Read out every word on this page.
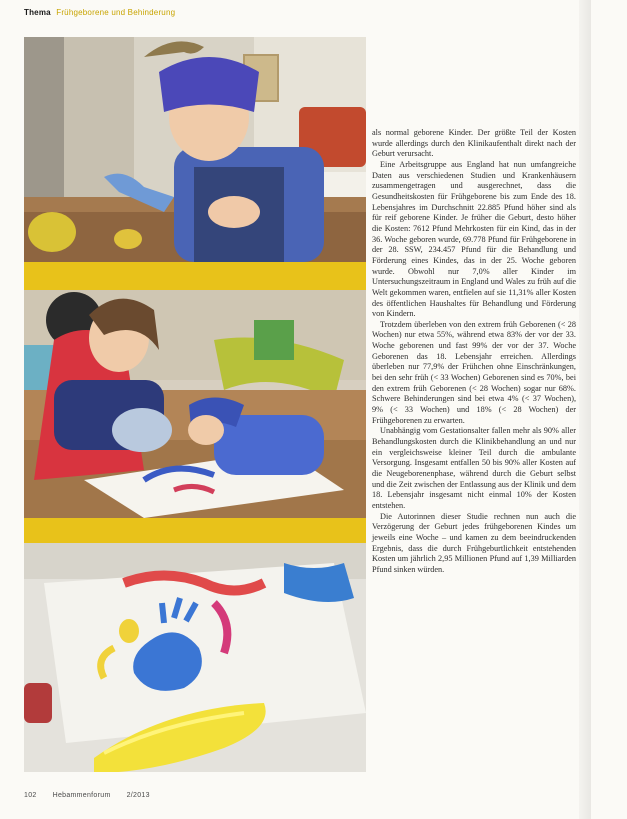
Thema Frühgeborene und Behinderung

als normal geborene Kinder. Der größte Teil der Kosten wurde allerdings durch den Klinikaufenthalt direkt nach der Geburt verursacht.

Eine Arbeitsgruppe aus England hat nun umfangreiche Daten aus verschiedenen Studien und Krankenhäusern zusammengetragen und ausgerechnet, dass die Gesundheitskosten für Frühgeborene bis zum Ende des 18. Lebensjahres im Durchschnitt 22.885 Pfund höher sind als für reif geborene Kinder. Je früher die Geburt, desto höher die Kosten: 7612 Pfund Mehrkosten für ein Kind, das in der 36. Woche geboren wurde, 69.778 Pfund für Frühgeborene in der 28. SSW, 234.457 Pfund für die Behandlung und Förderung eines Kindes, das in der 25. Woche geboren wurde. Obwohl nur 7,0% aller Kinder im Untersuchungszeitraum in England und Wales zu früh auf die Welt gekommen waren, entfielen auf sie 11,31% aller Kosten des öffentlichen Haushaltes für Behandlung und Förderung von Kindern.

Trotzdem überleben von den extrem früh Geborenen (< 28 Wochen) nur etwa 55%, während etwa 83% der vor der 33. Woche geborenen und fast 99% der vor der 37. Woche Geborenen das 18. Lebensjahr erreichen. Allerdings überleben nur 77,9% der Frühchen ohne Einschränkungen, bei den sehr früh (< 33 Wochen) Geborenen sind es 70%, bei den extrem früh Geborenen (< 28 Wochen) sogar nur 68%. Schwere Behinderungen sind bei etwa 4% (< 37 Wochen), 9% (< 33 Wochen) und 18% (< 28 Wochen) der Frühgeborenen zu erwarten.

Unabhängig vom Gestationsalter fallen mehr als 90% aller Behandlungskosten durch die Klinikbehandlung an und nur ein vergleichsweise kleiner Teil durch die ambulante Versorgung. Insgesamt entfallen 50 bis 90% aller Kosten auf die Neugeborenenphase, während durch die Geburt selbst und die Zeit zwischen der Entlassung aus der Klinik und dem 18. Lebensjahr insgesamt nicht einmal 10% der Kosten entstehen.

Die Autorinnen dieser Studie rechnen nun auch die Verzögerung der Geburt jedes frühgeborenen Kindes um jeweils eine Woche – und kamen zu dem beeindruckenden Ergebnis, dass die durch Frühgeburtlichkeit entstehenden Kosten um jährlich 2,95 Millionen Pfund auf 1,39 Milliarden Pfund sinken würden.

102 Hebammenforum 2/2013
